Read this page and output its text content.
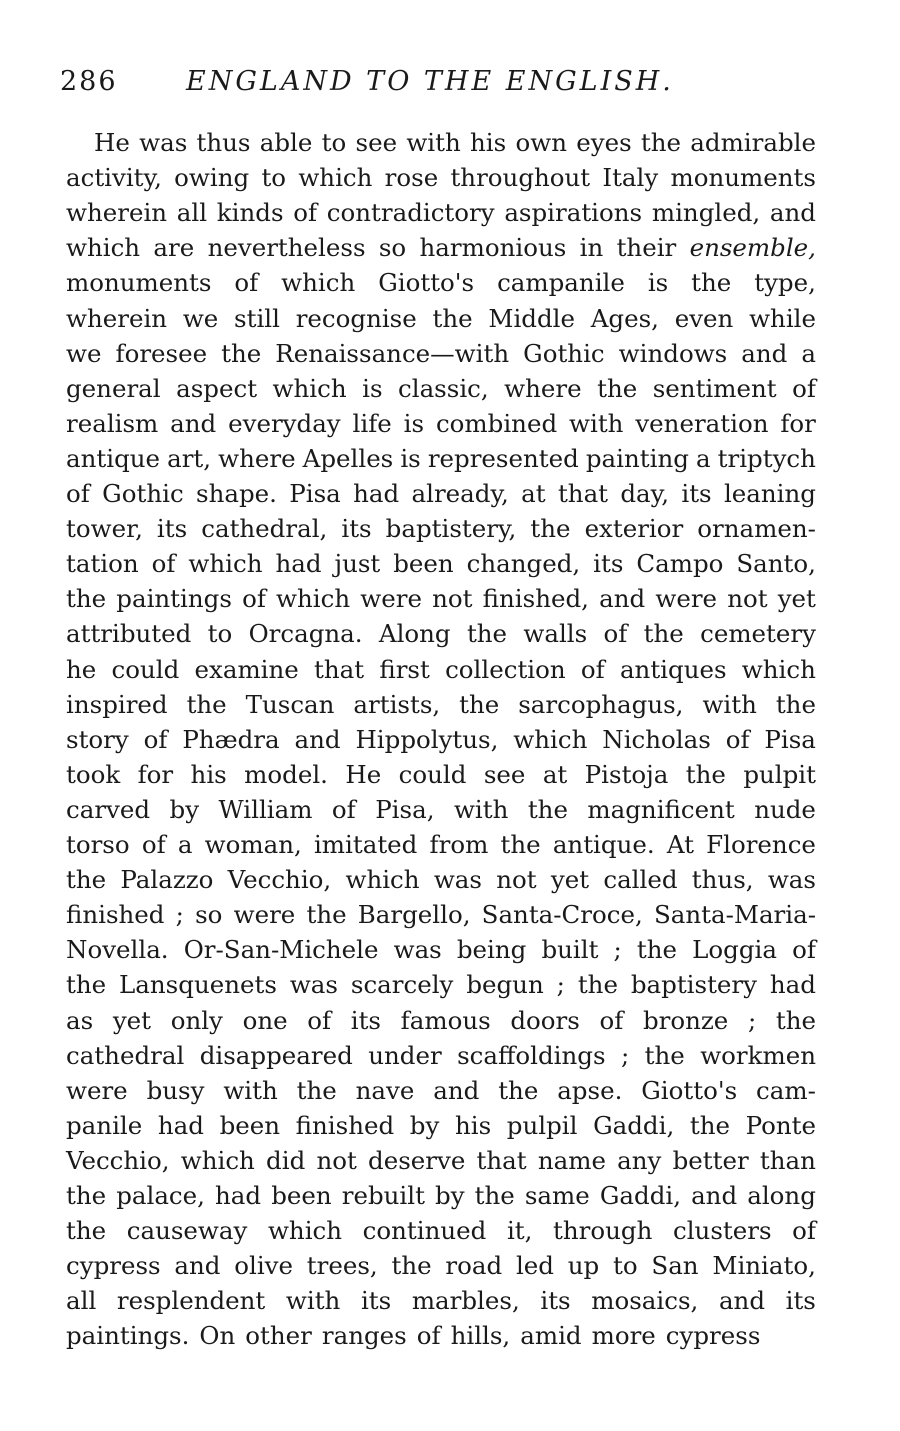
286	ENGLAND TO THE ENGLISH.
He was thus able to see with his own eyes the admirable
activity, owing to which rose throughout Italy monuments
wherein all kinds of contradictory aspirations mingled, and
which are nevertheless so harmonious in their ensemble,
monuments of which Giotto's campanile is the type,
wherein we still recognise the Middle Ages, even while
we foresee the Renaissance—with Gothic windows and a
general aspect which is classic, where the sentiment of
realism and everyday life is combined with veneration for
antique art, where Apelles is represented painting a triptych
of Gothic shape. Pisa had already, at that day, its leaning
tower, its cathedral, its baptistery, the exterior ornamen-
tation of which had just been changed, its Campo Santo,
the paintings of which were not finished, and were not yet
attributed to Orcagna. Along the walls of the cemetery
he could examine that first collection of antiques which
inspired the Tuscan artists, the sarcophagus, with the
story of Phædra and Hippolytus, which Nicholas of Pisa
took for his model. He could see at Pistoja the pulpit
carved by William of Pisa, with the magnificent nude
torso of a woman, imitated from the antique. At Florence
the Palazzo Vecchio, which was not yet called thus, was
finished ; so were the Bargello, Santa-Croce, Santa-Maria-
Novella. Or-San-Michele was being built ; the Loggia of
the Lansquenets was scarcely begun ; the baptistery had
as yet only one of its famous doors of bronze ; the
cathedral disappeared under scaffoldings ; the workmen
were busy with the nave and the apse. Giotto's cam-
panile had been finished by his pulpil Gaddi, the Ponte
Vecchio, which did not deserve that name any better than
the palace, had been rebuilt by the same Gaddi, and along
the causeway which continued it, through clusters of
cypress and olive trees, the road led up to San Miniato,
all resplendent with its marbles, its mosaics, and its
paintings. On other ranges of hills, amid more cypress
